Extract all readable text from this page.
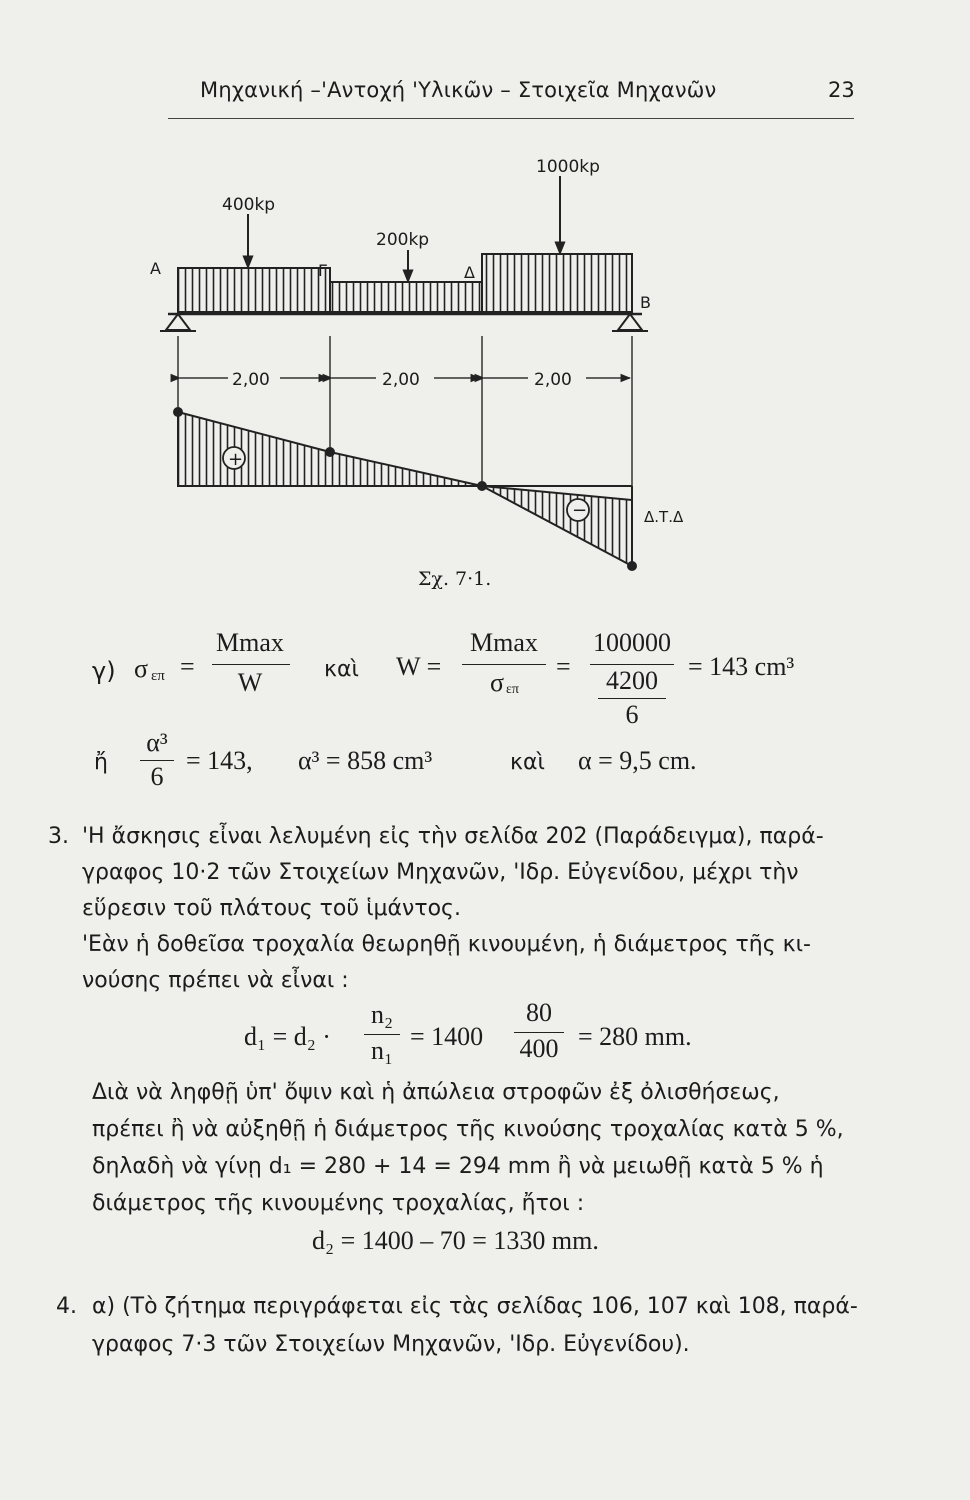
Μηχανική –'Αντοχή 'Υλικῶν – Στοιχεῖα Μηχανῶν	23
400kp
200kp
1000kp
A	Γ	Δ
B
2,00	2,00	2,00
+
−	Δ.Τ.Δ
Σχ. 7·1.
γ) σ επ =
Mmax
W	καὶ W =
Mmax
σ επ
=
100000
4200
6
= 143 cm³
ἤ
α³
6
= 143, α³ = 858 cm³	καὶ α = 9,5 cm.
3. 'Η ἄσκησις εἶναι λελυμένη εἰς τὴν σελίδα 202 (Παράδειγμα), παρά-
γραφος 10·2 τῶν Στοιχείων Μηχανῶν, 'Ιδρ. Εὐγενίδου, μέχρι τὴν
εὕρεσιν τοῦ πλάτους τοῦ ἱμάντος.
'Εὰν ἡ δοθεῖσα τροχαλία θεωρηθῇ κινουμένη, ἡ διάμετρος τῆς κι-
νούσης πρέπει νὰ εἶναι :
d₁ = d₂ ·
n₂
n₁ = 1400
80
400 = 280 mm.
Διὰ νὰ ληφθῇ ὑπ' ὄψιν καὶ ἡ ἀπώλεια στροφῶν ἐξ ὀλισθήσεως,
πρέπει ἢ νὰ αὐξηθῇ ἡ διάμετρος τῆς κινούσης τροχαλίας κατὰ 5 %,
δηλαδὴ νὰ γίνῃ d₁ = 280 + 14 = 294 mm ἢ νὰ μειωθῇ κατὰ 5 % ἡ
διάμετρος τῆς κινουμένης τροχαλίας, ἤτοι :
d₂ = 1400 – 70 = 1330 mm.
4. α) (Τὸ ζήτημα περιγράφεται εἰς τὰς σελίδας 106, 107 καὶ 108, παρά-
γραφος 7·3 τῶν Στοιχείων Μηχανῶν, 'Ιδρ. Εὐγενίδου).
